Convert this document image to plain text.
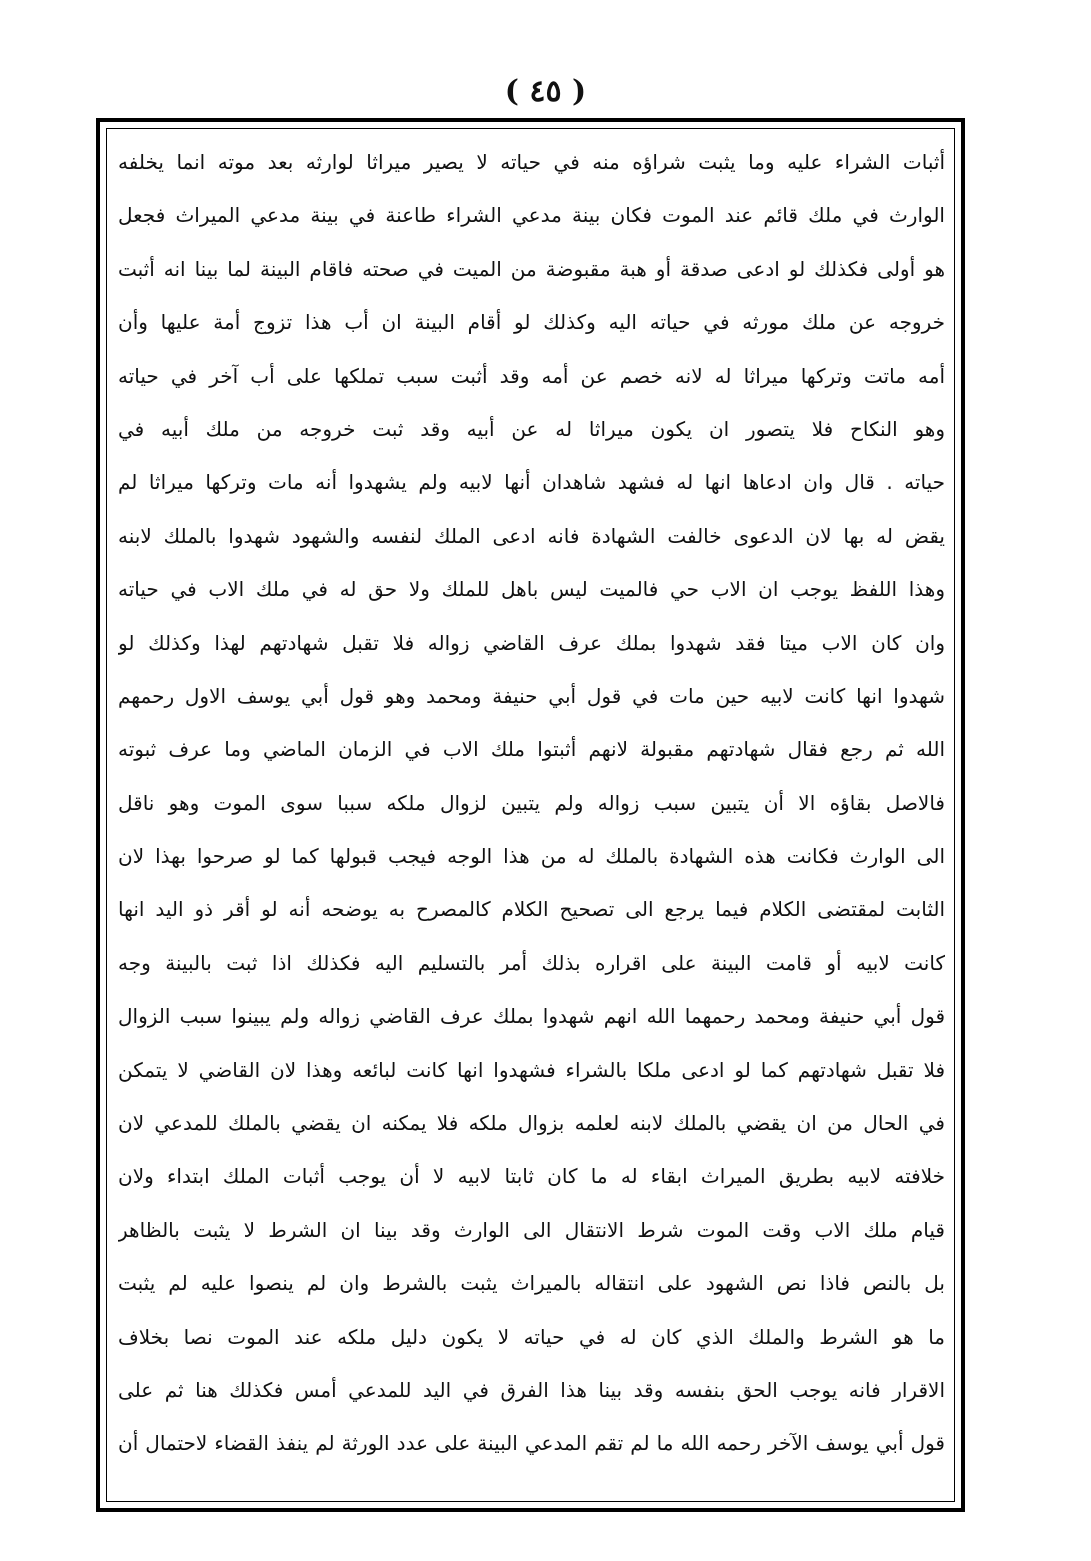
( ٤٥ )
أثبات الشراء عليه وما يثبت شراؤه منه في حياته لا يصير ميراثا لوارثه بعد موته انما يخلفه
الوارث في ملك قائم عند الموت فكان بينة مدعي الشراء طاعنة في بينة مدعي الميراث فجعل
هو أولى فكذلك لو ادعى صدقة أو هبة مقبوضة من الميت في صحته فاقام البينة لما بينا انه أثبت
خروجه عن ملك مورثه في حياته اليه وكذلك لو أقام البينة ان أب هذا تزوج أمة عليها وأن
أمه ماتت وتركها ميراثا له لانه خصم عن أمه وقد أثبت سبب تملكها على أب آخر في حياته
وهو النكاح فلا يتصور ان يكون ميراثا له عن أبيه وقد ثبت خروجه من ملك أبيه في
حياته . قال وان ادعاها انها له فشهد شاهدان أنها لابيه ولم يشهدوا أنه مات وتركها ميراثا لم
يقض له بها لان الدعوى خالفت الشهادة فانه ادعى الملك لنفسه والشهود شهدوا بالملك لابنه
وهذا اللفظ يوجب ان الاب حي فالميت ليس باهل للملك ولا حق له في ملك الاب في حياته
وان كان الاب ميتا فقد شهدوا بملك عرف القاضي زواله فلا تقبل شهادتهم لهذا وكذلك لو
شهدوا انها كانت لابيه حين مات في قول أبي حنيفة ومحمد وهو قول أبي يوسف الاول رحمهم
الله ثم رجع فقال شهادتهم مقبولة لانهم أثبتوا ملك الاب في الزمان الماضي وما عرف ثبوته
فالاصل بقاؤه الا أن يتبين سبب زواله ولم يتبين لزوال ملكه سببا سوى الموت وهو ناقل
الى الوارث فكانت هذه الشهادة بالملك له من هذا الوجه فيجب قبولها كما لو صرحوا بهذا لان
الثابت لمقتضى الكلام فيما يرجع الى تصحيح الكلام كالمصرح به يوضحه أنه لو أقر ذو اليد انها
كانت لابيه أو قامت البينة على اقراره بذلك أمر بالتسليم اليه فكذلك اذا ثبت بالبينة وجه
قول أبي حنيفة ومحمد رحمهما الله انهم شهدوا بملك عرف القاضي زواله ولم يبينوا سبب الزوال
فلا تقبل شهادتهم كما لو ادعى ملكا بالشراء فشهدوا انها كانت لبائعه وهذا لان القاضي لا يتمكن
في الحال من ان يقضي بالملك لابنه لعلمه بزوال ملكه فلا يمكنه ان يقضي بالملك للمدعي لان
خلافته لابيه بطريق الميراث ابقاء له ما كان ثابتا لابيه لا أن يوجب أثبات الملك ابتداء ولان
قيام ملك الاب وقت الموت شرط الانتقال الى الوارث وقد بينا ان الشرط لا يثبت بالظاهر
بل بالنص فاذا نص الشهود على انتقاله بالميراث يثبت بالشرط وان لم ينصوا عليه لم يثبت
ما هو الشرط والملك الذي كان له في حياته لا يكون دليل ملكه عند الموت نصا بخلاف
الاقرار فانه يوجب الحق بنفسه وقد بينا هذا الفرق في اليد للمدعي أمس فكذلك هنا ثم على
قول أبي يوسف الآخر رحمه الله ما لم تقم المدعي البينة على عدد الورثة لم ينفذ القضاء لاحتمال أن
